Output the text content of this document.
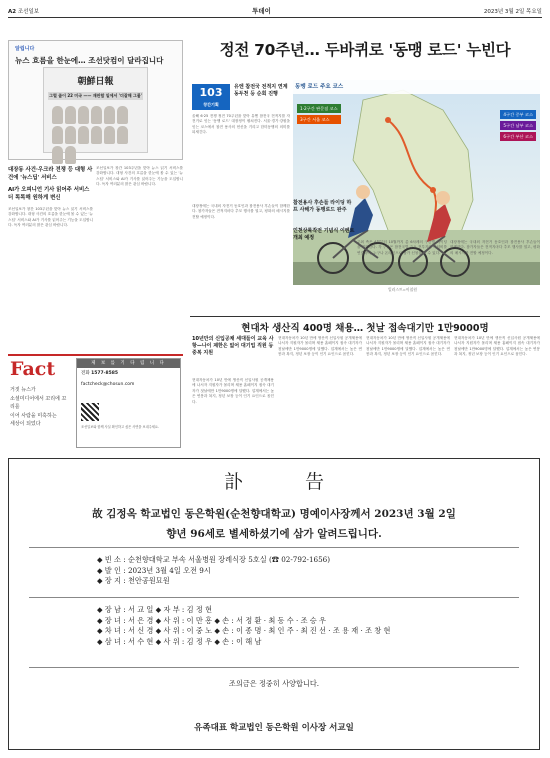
A2 조선일보	투데이	2023년 3월 2일 목요일
알립니다
뉴스 흐름을 한눈에… 조선닷컴이 달라집니다
朝鮮日報
그럴 줄이 22 미국 —— 재판할 일에서 '더잘해 그룹'
대장동 사건·우크라 전쟁 등 대형 사건에 '뉴스딥' 서비스
AI가 오피니언 기사 읽어주 서비스 더 똑똑해 원하게 변신
조선일보가 창간 103주년을 맞아 뉴스 읽기 서비스를 강화합니다. 대형 사건의 흐름을 한눈에 볼 수 있는 '뉴스딥' 서비스와 AI가 기사를 읽어주는 기능을 도입합니다. 독자 여러분의 많은 관심 바랍니다.
조선일보가 창간 103주년을 맞아 뉴스 읽기 서비스를 강화합니다. 대형 사건의 흐름을 한눈에 볼 수 있는 '뉴스딥' 서비스와 AI가 기사를 읽어주는 기능을 도입합니다. 독자 여러분의 많은 관심 바랍니다.
정전 70주년… 두바퀴로 '동맹 로드' 누빈다
103
창간기획
유엔 참전국 전적지 연계 동두천 등 순회 진행
올해 6·25 전쟁 정전 70주년을 맞아 유엔 참전국 전적지를 자전거로 잇는 '동맹 로드' 대장정이 펼쳐진다. 서울·경기·강원을 잇는 코스에서 참전 용사의 헌신을 기리고 한미동맹의 의미를 되새긴다.
대장정에는 국내외 자전거 동호인과 참전용사 후손들이 함께한다. 참가자들은 전적지마다 추모 행사를 열고, 평화의 메시지를 전할 예정이다.
동맹 로드 주요 코스
1·2구간 판문점 코스
3구간 서울 코스
4구간 중부 코스
5구간 남부 코스
6구간 부산 코스
일러스트=이철원
참전용사 후손들 라이딩 하프 사해가 동맹로드 완주
인천상륙작전 기념식 이벤트 개최 예정
주최 측은 4월부터 10월까지 총 6차례의 구간별 라이딩을 진행한다. 각 구간은 참전국별 주요 전투지와 기념비를 연결하며, 누구나 온라인으로 참가 신청을 할 수 있다.
대장정에는 국내외 자전거 동호인과 참전용사 후손들이 함께한다. 참가자들은 전적지마다 추모 행사를 열고, 평화의 메시지를 전할 예정이다.
현대차 생산직 400명 채용… 첫날 접속대기만 1만9000명
10년만의 신입공채 세대들이 교육 사항—나이 제한은 없어 대기업 직원 등 중복 지원
현대자동차가 10년 만에 생산직 신입사원 공개채용에 나서자 지원자가 몰리며 채용 홈페이지 접속 대기자가 첫날에만 1만9000명에 달했다. 업계에서는 높은 연봉과 복지, 정년 보장 등이 인기 요인으로 꼽힌다.
현대자동차가 10년 만에 생산직 신입사원 공개채용에 나서자 지원자가 몰리며 채용 홈페이지 접속 대기자가 첫날에만 1만9000명에 달했다. 업계에서는 높은 연봉과 복지, 정년 보장 등이 인기 요인으로 꼽힌다.
현대자동차가 10년 만에 생산직 신입사원 공개채용에 나서자 지원자가 몰리며 채용 홈페이지 접속 대기자가 첫날에만 1만9000명에 달했다. 업계에서는 높은 연봉과 복지, 정년 보장 등이 인기 요인으로 꼽힌다.
현대자동차가 10년 만에 생산직 신입사원 공개채용에 나서자 지원자가 몰리며 채용 홈페이지 접속 대기자가 첫날에만 1만9000명에 달했다. 업계에서는 높은 연봉과 복지, 정년 보장 등이 인기 요인으로 꼽힌다.
Fact
거짓 뉴스가
소셜미디어에서 꼬리에 꼬리를
이어 사람을 미혹하는
세상이 되었다
제 보 를 기 다 립 니 다
전화 1577-8585
factcheck@chosun.com
조선일보와 함께 사실 확인하고 싶은 사연을 보내주세요.
訃 告
故 김정옥 학교법인 동은학원(순천향대학교) 명예이사장께서 2023년 3월 2일
향년 96세로 별세하셨기에 삼가 알려드립니다.
◆ 빈 소 : 순천향대학교 부속 서울병원 장례식장 5호실 (☎ 02-792-1656)
◆ 발 인 : 2023년 3월 4일 오전 9시
◆ 장 지 : 천안공원묘원
◆ 장 남 : 서 교 일 ◆ 자 부 : 김 정 현
◆ 장 녀 : 서 은 경 ◆ 사 위 : 이 만 흥 ◆ 손 : 서 정 환 · 최 동 수 · 조 승 우
◆ 차 녀 : 서 신 경 ◆ 사 위 : 이 중 노 ◆ 손 : 이 종 명 · 최 인 주 · 최 진 선 · 조 용 재 · 조 창 현
◆ 삼 녀 : 서 수 현 ◆ 사 위 : 김 정 우 ◆ 손 : 이 해 남
조의금은 정중히 사양합니다.
유족대표 학교법인 동은학원 이사장 서교일
